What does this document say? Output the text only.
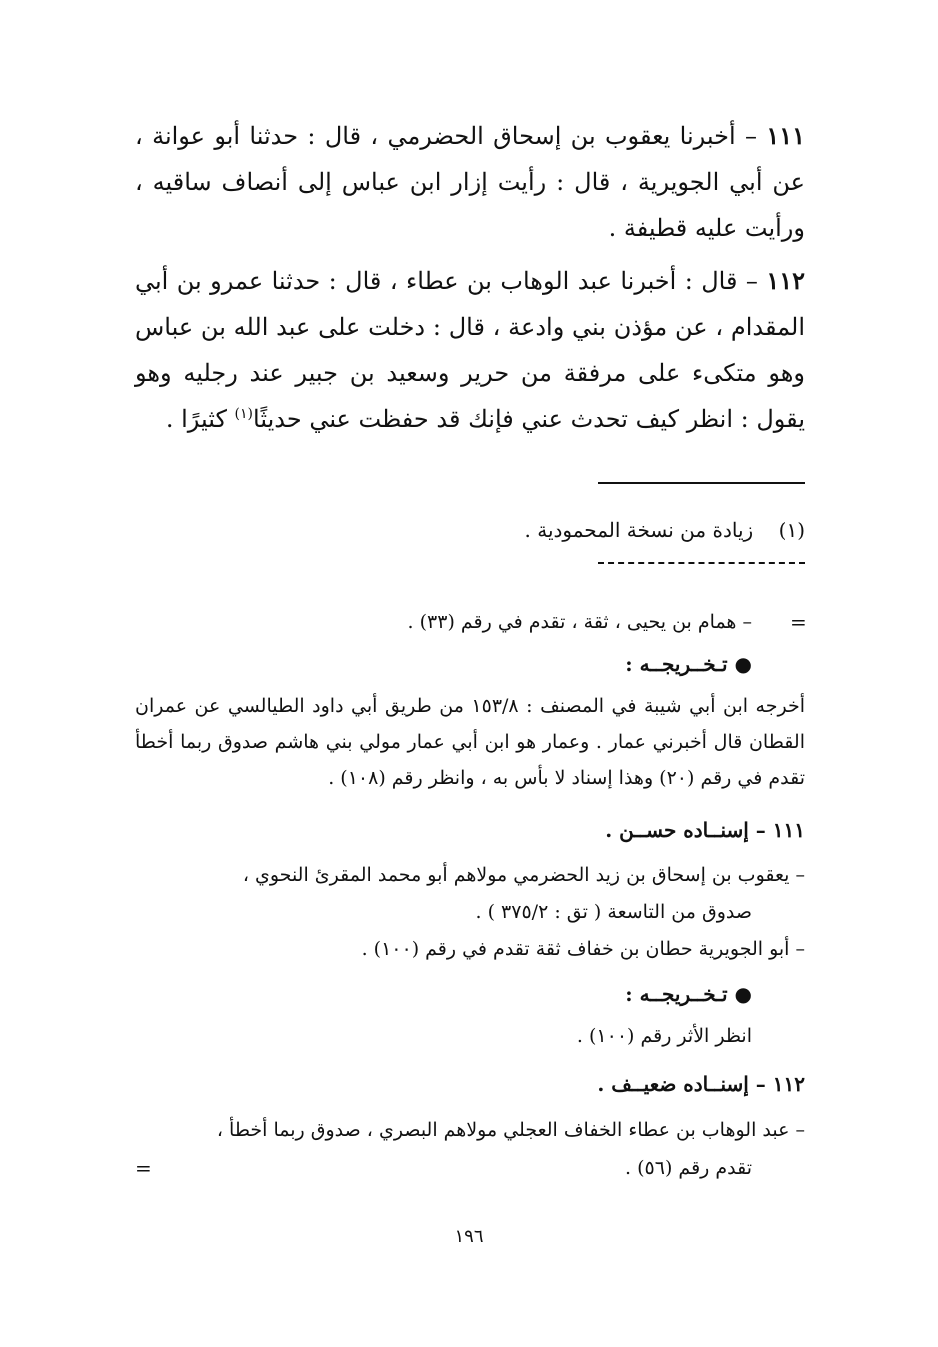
١١١ – أخبرنا يعقوب بن إسحاق الحضرمي ، قال : حدثنا أبو عوانة ، عن أبي الجويرية ، قال : رأيت إزار ابن عباس إلى أنصاف ساقيه ، ورأيت عليه قطيفة .
١١٢ – قال : أخبرنا عبد الوهاب بن عطاء ، قال : حدثنا عمرو بن أبي المقدام ، عن مؤذن بني وادعة ، قال : دخلت على عبد الله بن عباس وهو متكىء على مرفقة من حرير وسعيد بن جبير عند رجليه وهو يقول : انظر كيف تحدث عني فإنك قد حفظت عني حديثًا$^{(١)}$ كثيرًا .
(١)    زيادة من نسخة المحمودية .
=
– همام بن يحيى ، ثقة ، تقدم في رقم (٣٣) .
● تـخــريجــه :
أخرجه ابن أبي شيبة في المصنف : ١٥٣/٨ من طريق أبي داود الطيالسي عن عمران القطان قال أخبرني عمار . وعمار هو ابن أبي عمار مولي بني هاشم صدوق ربما أخطأ تقدم في رقم (٢٠) وهذا إسناد لا بأس به ، وانظر رقم (١٠٨) .
١١١ – إسنــاده حســن .
– يعقوب بن إسحاق بن زيد الحضرمي مولاهم أبو محمد المقرئ النحوي ،
صدوق من التاسعة ( تق : ٣٧٥/٢ ) .
– أبو الجويرية حطان بن خفاف ثقة تقدم في رقم (١٠٠) .
● تـخــريجــه :
انظر الأثر رقم (١٠٠) .
١١٢ – إسنــاده ضعيــف .
– عبد الوهاب بن عطاء الخفاف العجلي مولاهم البصري ، صدوق ربما أخطأ ،
تقدم رقم (٥٦) .
=
١٩٦
